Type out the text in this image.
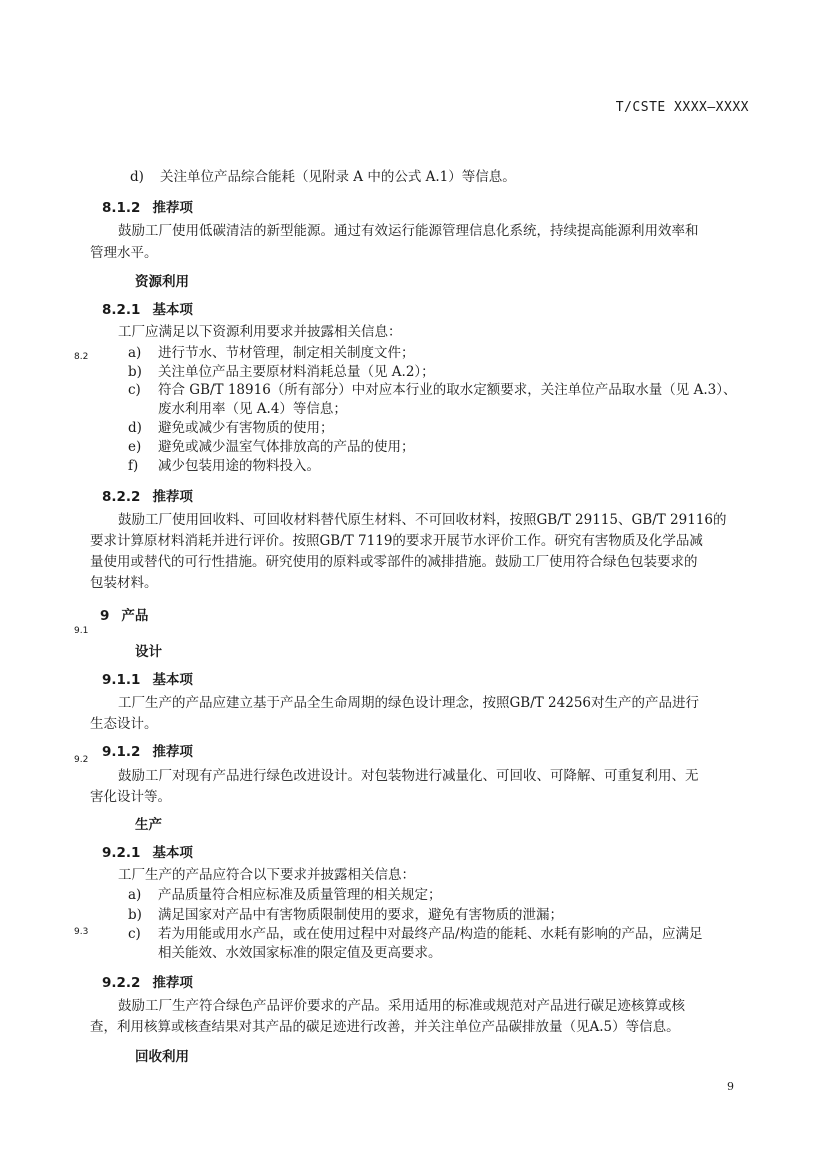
T/CSTE XXXX—XXXX
8.2
9.1
9.2
9.3
d) 关注单位产品综合能耗（见附录 A 中的公式 A.1）等信息。
8.1.2 推荐项
鼓励工厂使用低碳清洁的新型能源。通过有效运行能源管理信息化系统，持续提高能源利用效率和
管理水平。
资源利用
8.2.1 基本项
工厂应满足以下资源利用要求并披露相关信息：
a) 进行节水、节材管理，制定相关制度文件；
b) 关注单位产品主要原材料消耗总量（见 A.2）；
c) 符合 GB/T 18916（所有部分）中对应本行业的取水定额要求，关注单位产品取水量（见 A.3）、
废水利用率（见 A.4）等信息；
d) 避免或减少有害物质的使用；
e) 避免或减少温室气体排放高的产品的使用；
f) 减少包装用途的物料投入。
8.2.2 推荐项
鼓励工厂使用回收料、可回收材料替代原生材料、不可回收材料，按照GB/T 29115、GB/T 29116的
要求计算原材料消耗并进行评价。按照GB/T 7119的要求开展节水评价工作。研究有害物质及化学品减
量使用或替代的可行性措施。研究使用的原料或零部件的减排措施。鼓励工厂使用符合绿色包装要求的
包装材料。
9 产品
设计
9.1.1 基本项
工厂生产的产品应建立基于产品全生命周期的绿色设计理念，按照GB/T 24256对生产的产品进行
生态设计。
9.1.2 推荐项
鼓励工厂对现有产品进行绿色改进设计。对包装物进行减量化、可回收、可降解、可重复利用、无
害化设计等。
生产
9.2.1 基本项
工厂生产的产品应符合以下要求并披露相关信息：
a) 产品质量符合相应标准及质量管理的相关规定；
b) 满足国家对产品中有害物质限制使用的要求，避免有害物质的泄漏；
c) 若为用能或用水产品，或在使用过程中对最终产品/构造的能耗、水耗有影响的产品，应满足
相关能效、水效国家标准的限定值及更高要求。
9.2.2 推荐项
鼓励工厂生产符合绿色产品评价要求的产品。采用适用的标准或规范对产品进行碳足迹核算或核
查，利用核算或核查结果对其产品的碳足迹进行改善，并关注单位产品碳排放量（见A.5）等信息。
回收利用
9
